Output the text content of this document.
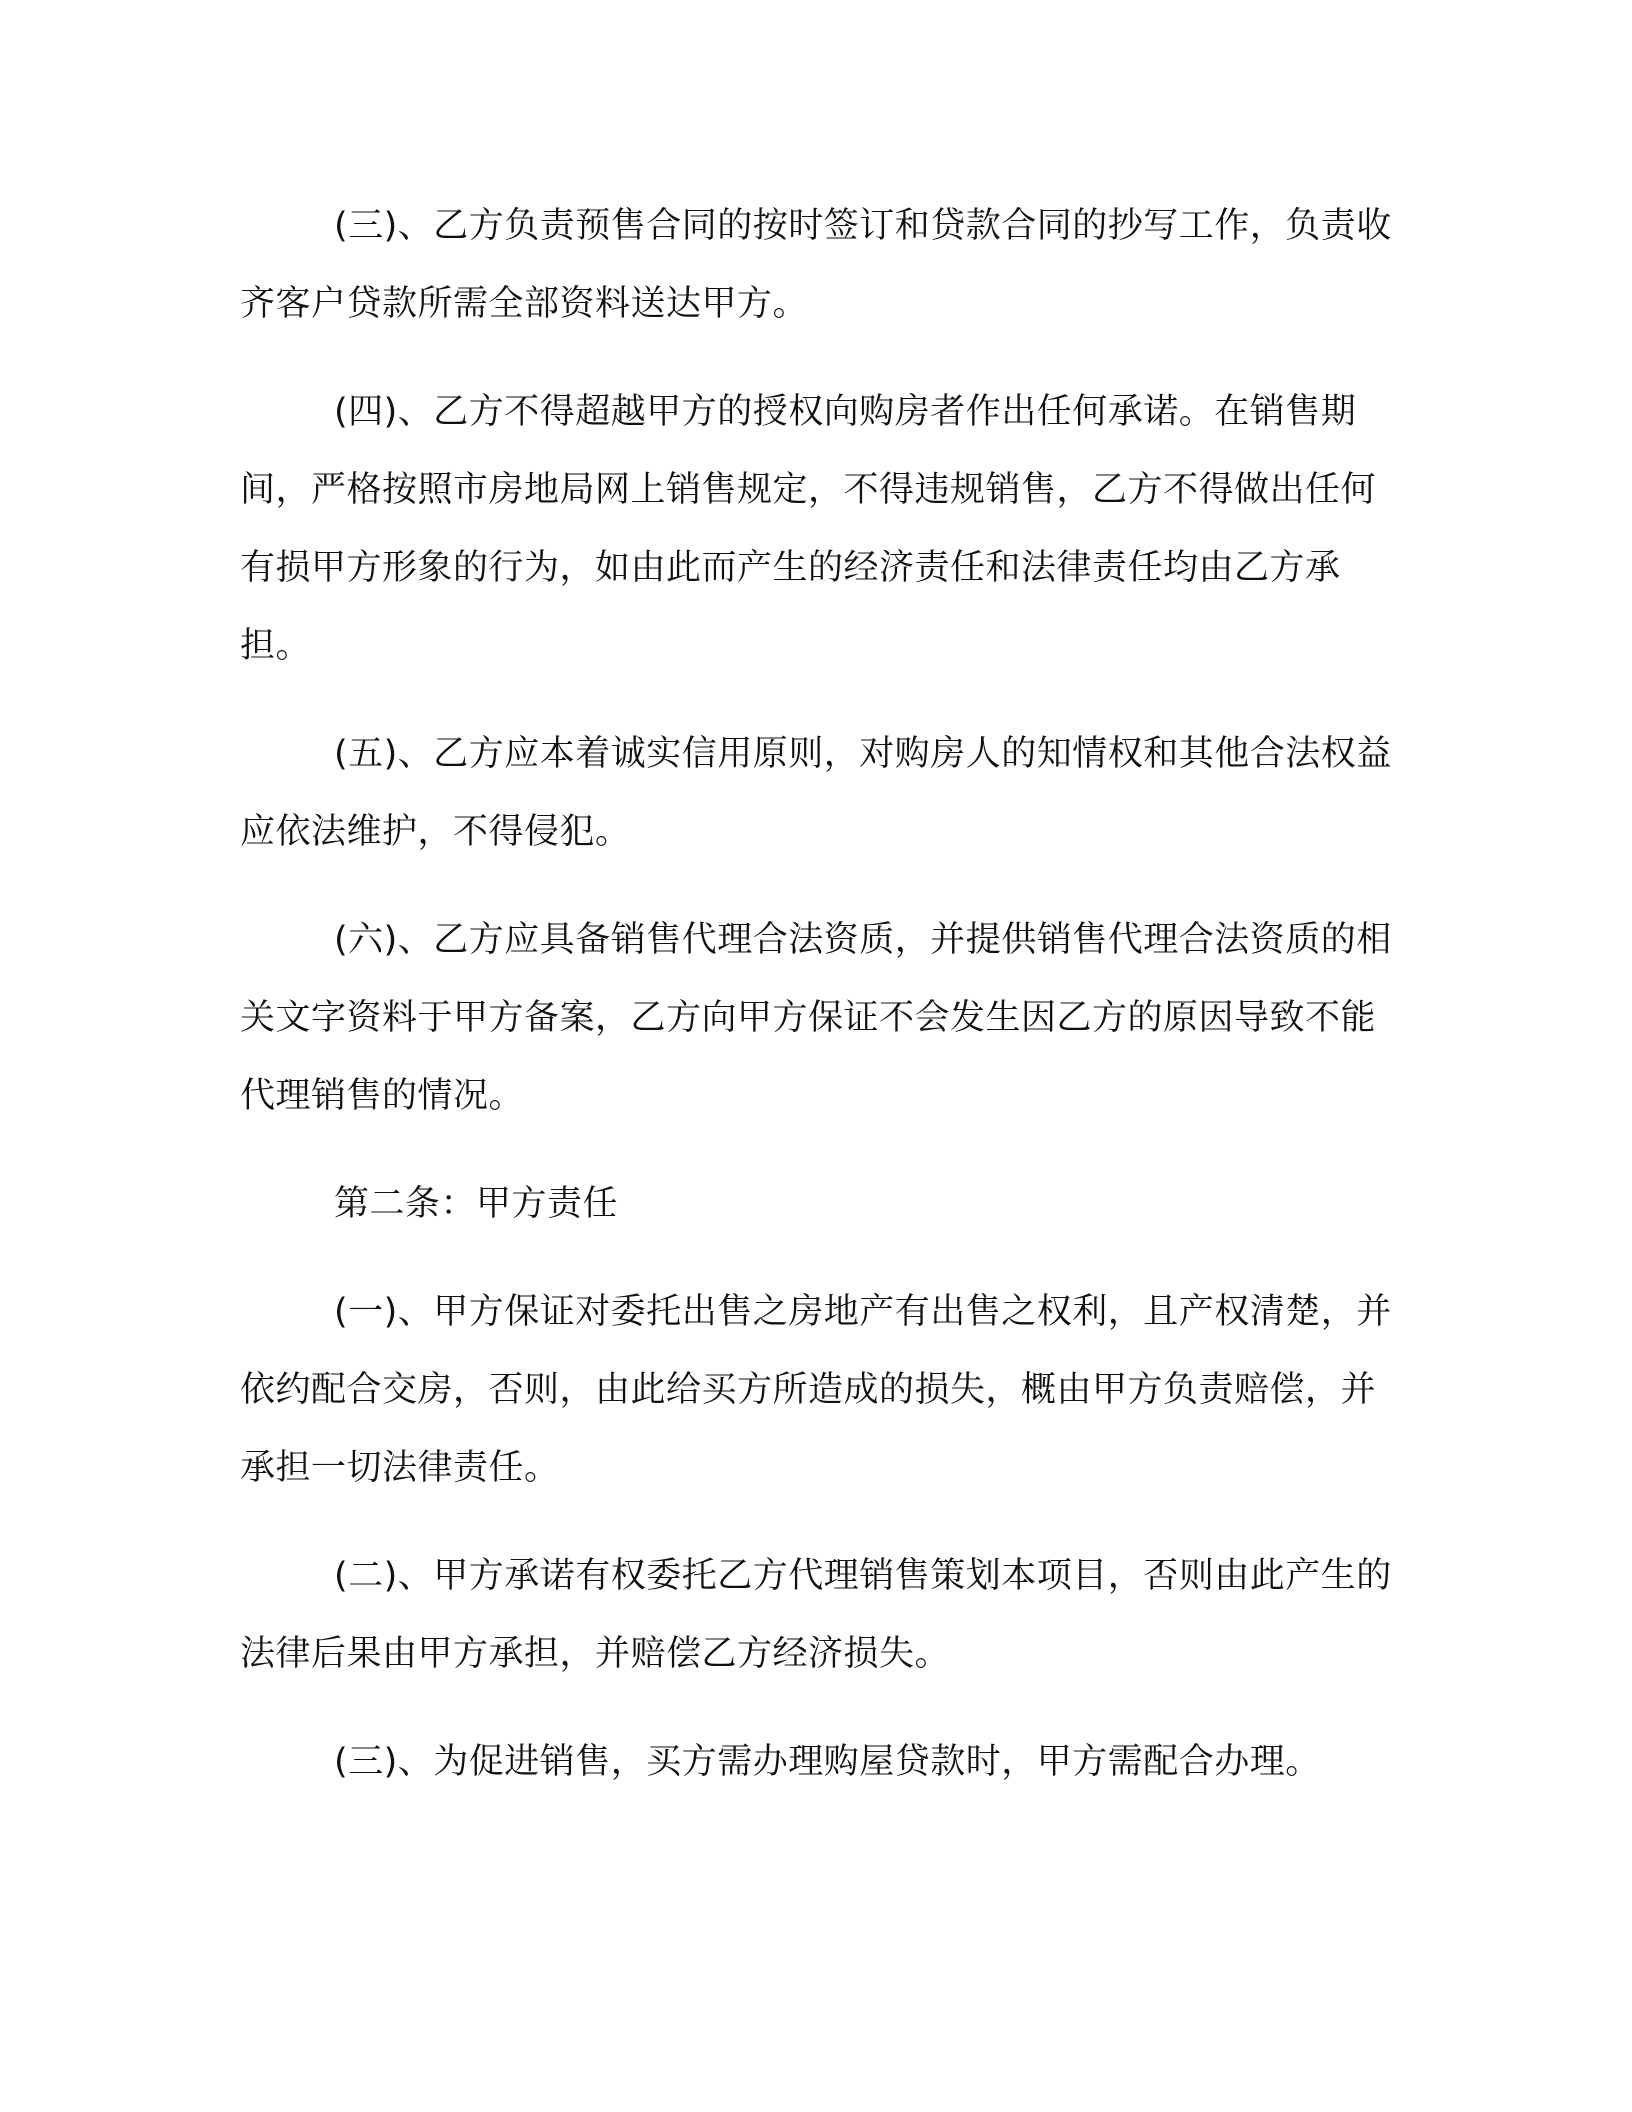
(三)、乙方负责预售合同的按时签订和贷款合同的抄写工作，负责收齐客户贷款所需全部资料送达甲方。

(四)、乙方不得超越甲方的授权向购房者作出任何承诺。在销售期间，严格按照市房地局网上销售规定，不得违规销售，乙方不得做出任何有损甲方形象的行为，如由此而产生的经济责任和法律责任均由乙方承担。

(五)、乙方应本着诚实信用原则，对购房人的知情权和其他合法权益应依法维护，不得侵犯。

(六)、乙方应具备销售代理合法资质，并提供销售代理合法资质的相关文字资料于甲方备案，乙方向甲方保证不会发生因乙方的原因导致不能代理销售的情况。

第二条：甲方责任

(一)、甲方保证对委托出售之房地产有出售之权利，且产权清楚，并依约配合交房，否则，由此给买方所造成的损失，概由甲方负责赔偿，并承担一切法律责任。

(二)、甲方承诺有权委托乙方代理销售策划本项目，否则由此产生的法律后果由甲方承担，并赔偿乙方经济损失。

(三)、为促进销售，买方需办理购屋贷款时，甲方需配合办理。
